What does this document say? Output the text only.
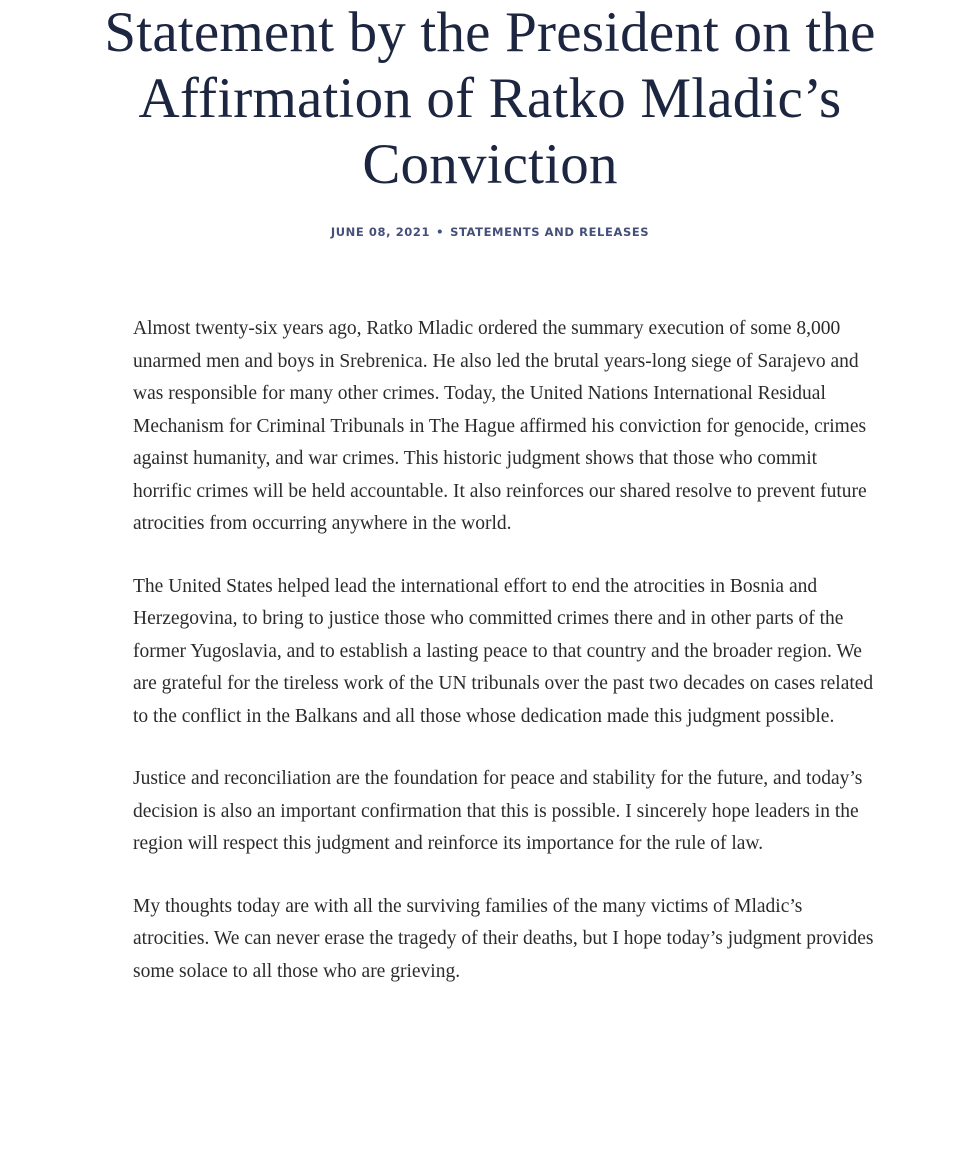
Statement by the President on the Affirmation of Ratko Mladic’s Conviction
JUNE 08, 2021 • STATEMENTS AND RELEASES

Almost twenty-six years ago, Ratko Mladic ordered the summary execution of some 8,000 unarmed men and boys in Srebrenica. He also led the brutal years-long siege of Sarajevo and was responsible for many other crimes. Today, the United Nations International Residual Mechanism for Criminal Tribunals in The Hague affirmed his conviction for genocide, crimes against humanity, and war crimes. This historic judgment shows that those who commit horrific crimes will be held accountable. It also reinforces our shared resolve to prevent future atrocities from occurring anywhere in the world.

The United States helped lead the international effort to end the atrocities in Bosnia and Herzegovina, to bring to justice those who committed crimes there and in other parts of the former Yugoslavia, and to establish a lasting peace to that country and the broader region. We are grateful for the tireless work of the UN tribunals over the past two decades on cases related to the conflict in the Balkans and all those whose dedication made this judgment possible.

Justice and reconciliation are the foundation for peace and stability for the future, and today’s decision is also an important confirmation that this is possible. I sincerely hope leaders in the region will respect this judgment and reinforce its importance for the rule of law.

My thoughts today are with all the surviving families of the many victims of Mladic’s atrocities. We can never erase the tragedy of their deaths, but I hope today’s judgment provides some solace to all those who are grieving.
